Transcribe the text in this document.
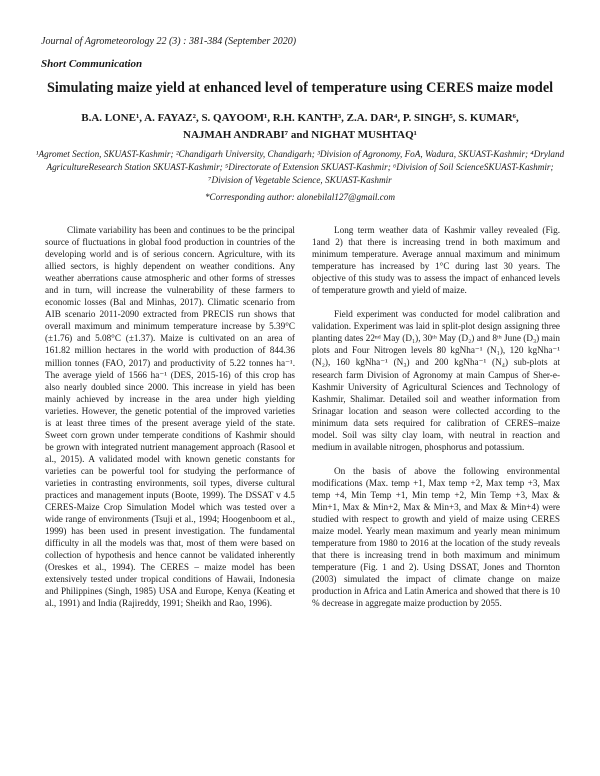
Journal of Agrometeorology 22 (3) : 381-384 (September 2020)
Short Communication
Simulating maize yield at enhanced level of temperature using CERES maize model
B.A. LONE¹, A. FAYAZ², S. QAYOOM¹, R.H. KANTH³, Z.A. DAR⁴, P. SINGH⁵, S. KUMAR⁶,
NAJMAH ANDRABI⁷ and NIGHAT MUSHTAQ¹
¹Agromet Section, SKUAST-Kashmir; ²Chandigarh University, Chandigarh; ³Division of Agronomy, FoA, Wadura, SKUAST-Kashmir; ⁴Dryland AgricultureResearch Station SKUAST-Kashmir; ⁵Directorate of Extension SKUAST-Kashmir; ⁶Division of Soil ScienceSKUAST-Kashmir; ⁷Division of Vegetable Science, SKUAST-Kashmir
*Corresponding author: alonebilal127@gmail.com

Climate variability has been and continues to be the principal source of fluctuations in global food production in countries of the developing world and is of serious concern. Agriculture, with its allied sectors, is highly dependent on weather conditions. Any weather aberrations cause atmospheric and other forms of stresses and in turn, will increase the vulnerability of these farmers to economic losses (Bal and Minhas, 2017). Climatic scenario from AIB scenario 2011-2090 extracted from PRECIS run shows that overall maximum and minimum temperature increase by 5.39°C (±1.76) and 5.08°C (±1.37). Maize is cultivated on an area of 161.82 million hectares in the world with production of 844.36 million tonnes (FAO, 2017) and productivity of 5.22 tonnes ha⁻¹. The average yield of 1566 ha⁻¹ (DES, 2015-16) of this crop has also nearly doubled since 2000. This increase in yield has been mainly achieved by increase in the area under high yielding varieties. However, the genetic potential of the improved varieties is at least three times of the present average yield of the state. Sweet corn grown under temperate conditions of Kashmir should be grown with integrated nutrient management approach (Rasool et al., 2015). A validated model with known genetic constants for varieties can be powerful tool for studying the performance of varieties in contrasting environments, soil types, diverse cultural practices and management inputs (Boote, 1999). The DSSAT v 4.5 CERES-Maize Crop Simulation Model which was tested over a wide range of environments (Tsuji et al., 1994; Hoogenboom et al., 1999) has been used in present investigation. The fundamental difficulty in all the models was that, most of them were based on collection of hypothesis and hence cannot be validated inherently (Oreskes et al., 1994). The CERES – maize model has been extensively tested under tropical conditions of Hawaii, Indonesia and Philippines (Singh, 1985) USA and Europe, Kenya (Keating et al., 1991) and India (Rajireddy, 1991; Sheikh and Rao, 1996).

Long term weather data of Kashmir valley revealed (Fig. 1and 2) that there is increasing trend in both maximum and minimum temperature. Average annual maximum and minimum temperature has increased by 1°C during last 30 years. The objective of this study was to assess the impact of enhanced levels of temperature growth and yield of maize.

Field experiment was conducted for model calibration and validation. Experiment was laid in split-plot design assigning three planting dates 22ⁿᵈ May (D₁), 30ᵗʰ May (D₂) and 8ᵗʰ June (D₃) main plots and Four Nitrogen levels 80 kgNha⁻¹ (N₁), 120 kgNha⁻¹ (N₂), 160 kgNha⁻¹ (N₃) and 200 kgNha⁻¹ (N₄) sub-plots at research farm Division of Agronomy at main Campus of Sher-e-Kashmir University of Agricultural Sciences and Technology of Kashmir, Shalimar. Detailed soil and weather information from Srinagar location and season were collected according to the minimum data sets required for calibration of CERES–maize model. Soil was silty clay loam, with neutral in reaction and medium in available nitrogen, phosphorus and potassium.

On the basis of above the following environmental modifications (Max. temp +1, Max temp +2, Max temp +3, Max temp +4, Min Temp +1, Min temp +2, Min Temp +3, Max & Min+1, Max & Min+2, Max & Min+3, and Max & Min+4) were studied with respect to growth and yield of maize using CERES maize model. Yearly mean maximum and yearly mean minimum temperature from 1980 to 2016 at the location of the study reveals that there is increasing trend in both maximum and minimum temperature (Fig. 1 and 2). Using DSSAT, Jones and Thornton (2003) simulated the impact of climate change on maize production in Africa and Latin America and showed that there is 10 % decrease in aggregate maize production by 2055.
